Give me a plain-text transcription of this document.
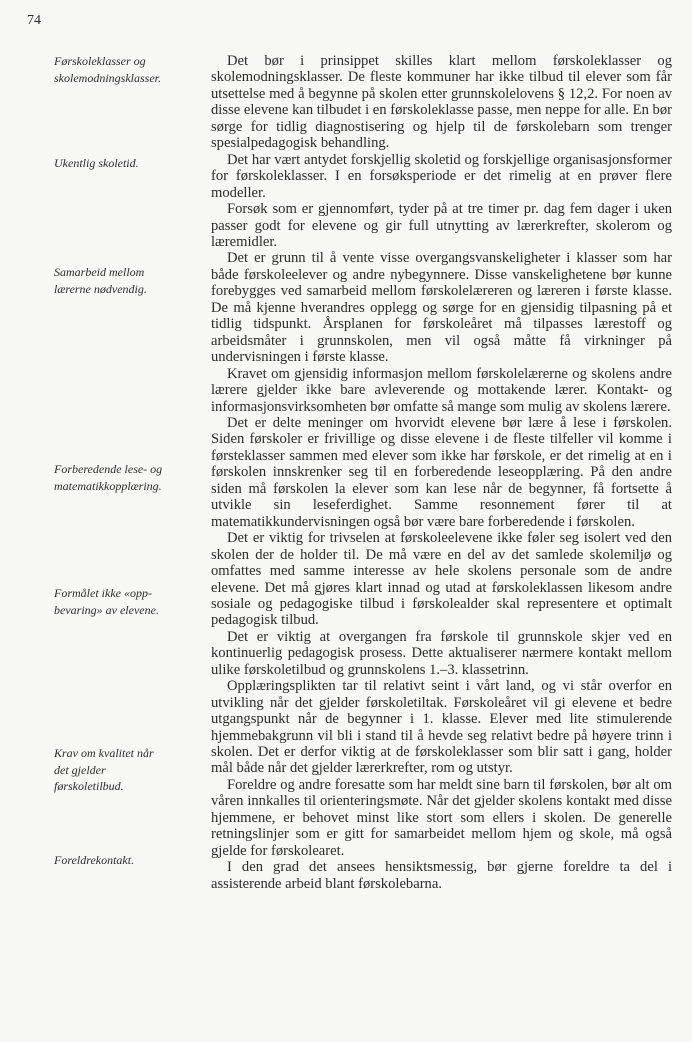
74
Førskoleklasser og
skolemodningsklasser.
Ukentlig skoletid.
Samarbeid mellom
lærerne nødvendig.
Forberedende lese- og
matematikkopplæring.
Formålet ikke «opp-
bevaring» av elevene.
Krav om kvalitet når
det gjelder
førskoletilbud.
Foreldrekontakt.

Det bør i prinsippet skilles klart mellom førskoleklasser og skolemodningsklasser. De fleste kommuner har ikke tilbud til elever som får utsettelse med å begynne på skolen etter grunnskolelovens § 12,2. For noen av disse elevene kan tilbudet i en førskoleklasse passe, men neppe for alle. En bør sørge for tidlig diagnostisering og hjelp til de førskolebarn som trenger spesialpedagogisk behandling.

Det har vært antydet forskjellig skoletid og forskjellige organisasjonsformer for førskoleklasser. I en forsøksperiode er det rimelig at en prøver flere modeller.

Forsøk som er gjennomført, tyder på at tre timer pr. dag fem dager i uken passer godt for elevene og gir full utnytting av lærerkrefter, skolerom og læremidler.

Det er grunn til å vente visse overgangsvanskeligheter i klasser som har både førskoleelever og andre nybegynnere. Disse vanskelighetene bør kunne forebygges ved samarbeid mellom førskolelæreren og læreren i første klasse. De må kjenne hverandres opplegg og sørge for en gjensidig tilpasning på et tidlig tidspunkt. Årsplanen for førskoleåret må tilpasses lærestoff og arbeidsmåter i grunnskolen, men vil også måtte få virkninger på undervisningen i første klasse.

Kravet om gjensidig informasjon mellom førskolelærerne og skolens andre lærere gjelder ikke bare avleverende og mottakende lærer. Kontakt- og informasjonsvirksomheten bør omfatte så mange som mulig av skolens lærere.

Det er delte meninger om hvorvidt elevene bør lære å lese i førskolen. Siden førskoler er frivillige og disse elevene i de fleste tilfeller vil komme i førsteklasser sammen med elever som ikke har førskole, er det rimelig at en i førskolen innskrenker seg til en forberedende leseopplæring. På den andre siden må førskolen la elever som kan lese når de begynner, få fortsette å utvikle sin leseferdighet. Samme resonnement fører til at matematikkundervisningen også bør være bare forberedende i førskolen.

Det er viktig for trivselen at førskoleelevene ikke føler seg isolert ved den skolen der de holder til. De må være en del av det samlede skolemiljø og omfattes med samme interesse av hele skolens personale som de andre elevene. Det må gjøres klart innad og utad at førskoleklassen likesom andre sosiale og pedagogiske tilbud i førskolealder skal representere et optimalt pedagogisk tilbud.

Det er viktig at overgangen fra førskole til grunnskole skjer ved en kontinuerlig pedagogisk prosess. Dette aktualiserer nærmere kontakt mellom ulike førskoletilbud og grunnskolens 1.–3. klassetrinn.

Opplæringsplikten tar til relativt seint i vårt land, og vi står overfor en utvikling når det gjelder førskoletiltak. Førskoleåret vil gi elevene et bedre utgangspunkt når de begynner i 1. klasse. Elever med lite stimulerende hjemmebakgrunn vil bli i stand til å hevde seg relativt bedre på høyere trinn i skolen. Det er derfor viktig at de førskoleklasser som blir satt i gang, holder mål både når det gjelder lærerkrefter, rom og utstyr.

Foreldre og andre foresatte som har meldt sine barn til førskolen, bør alt om våren innkalles til orienteringsmøte. Når det gjelder skolens kontakt med disse hjemmene, er behovet minst like stort som ellers i skolen. De generelle retningslinjer som er gitt for samarbeidet mellom hjem og skole, må også gjelde for førskolearet.

I den grad det ansees hensiktsmessig, bør gjerne foreldre ta del i assisterende arbeid blant førskolebarna.
